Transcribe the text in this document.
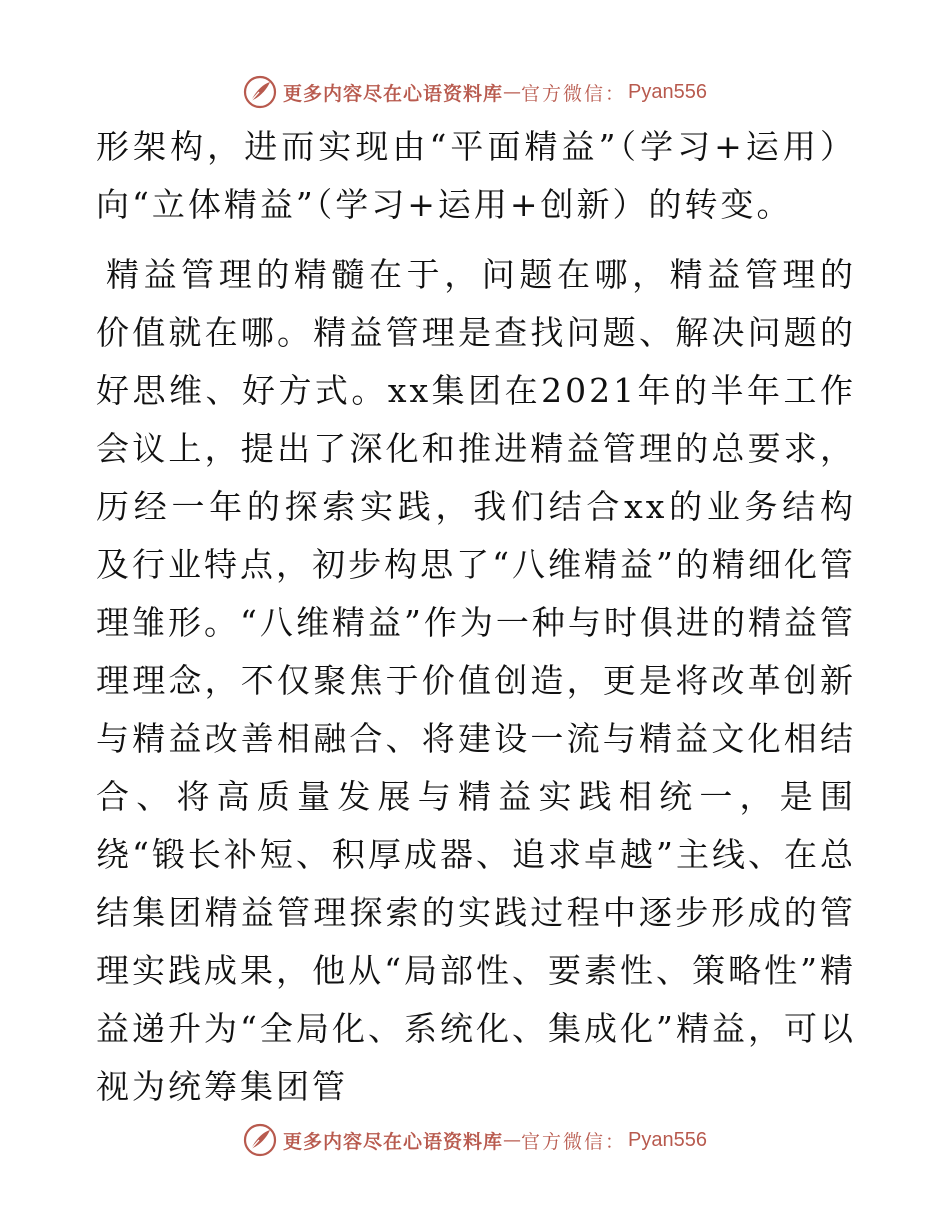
更多内容尽在心语资料库 — 官方微信： Pyan556

形架构，进而实现由“平面精益”（学习+运用）向“立体精益”（学习+运用+创新）的转变。

精益管理的精髓在于，问题在哪，精益管理的价值就在哪。精益管理是查找问题、解决问题的好思维、好方式。xx集团在2021年的半年工作会议上，提出了深化和推进精益管理的总要求，历经一年的探索实践，我们结合xx的业务结构及行业特点，初步构思了“八维精益”的精细化管理雏形。“八维精益”作为一种与时俱进的精益管理理念，不仅聚焦于价值创造，更是将改革创新与精益改善相融合、将建设一流与精益文化相结合、将高质量发展与精益实践相统一，是围绕“锻长补短、积厚成器、追求卓越”主线、在总结集团精益管理探索的实践过程中逐步形成的管理实践成果，他从“局部性、要素性、策略性”精益递升为“全局化、系统化、集成化”精益，可以视为统筹集团管

更多内容尽在心语资料库 — 官方微信： Pyan556
